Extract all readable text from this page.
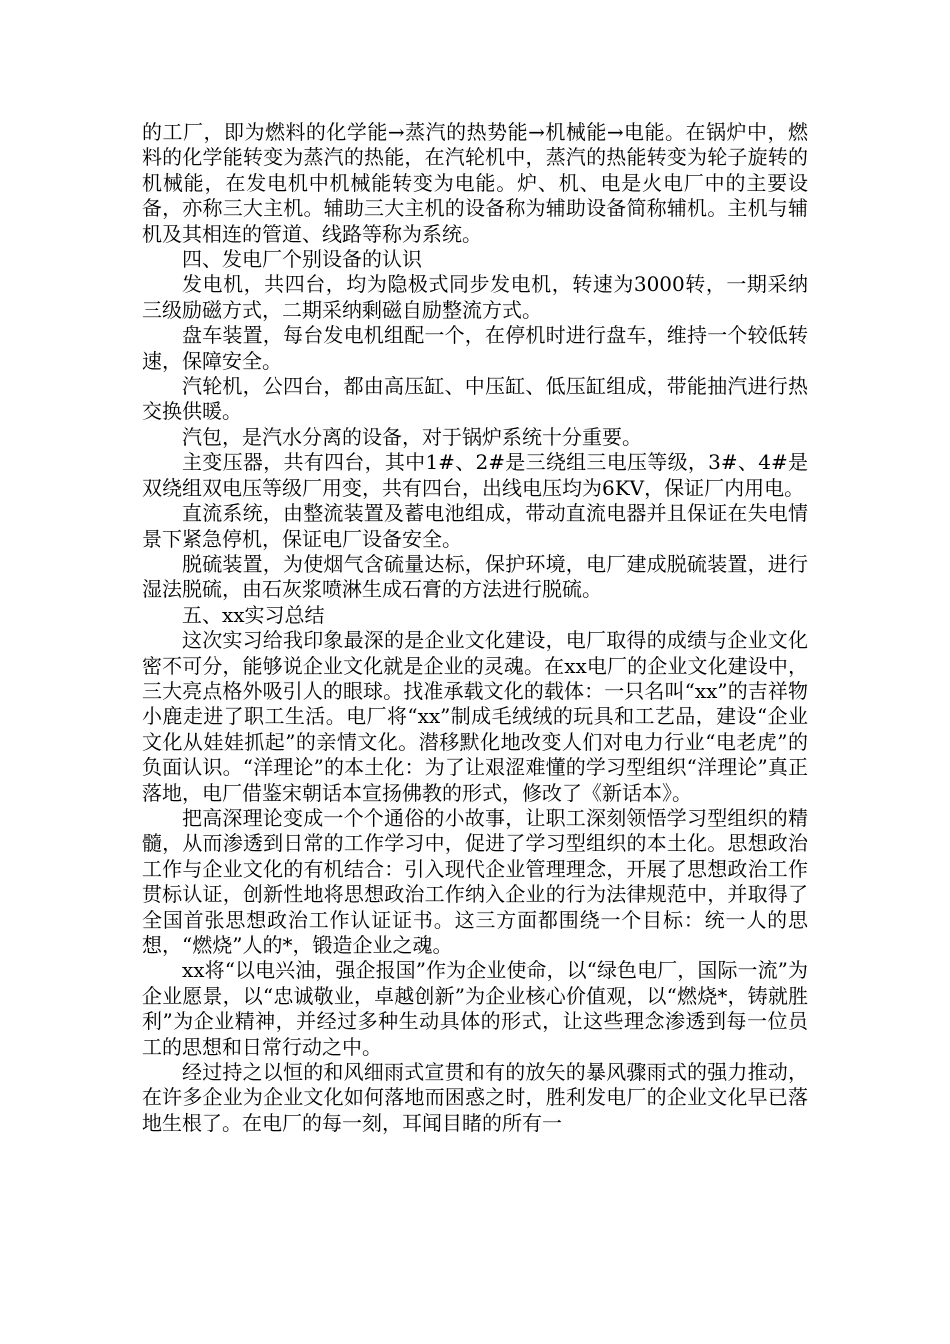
的工厂，即为燃料的化学能→蒸汽的热势能→机械能→电能。在锅炉中，燃料的化学能转变为蒸汽的热能，在汽轮机中，蒸汽的热能转变为轮子旋转的机械能，在发电机中机械能转变为电能。炉、机、电是火电厂中的主要设备，亦称三大主机。辅助三大主机的设备称为辅助设备简称辅机。主机与辅机及其相连的管道、线路等称为系统。

四、发电厂个别设备的认识

发电机，共四台，均为隐极式同步发电机，转速为3000转，一期采纳三级励磁方式，二期采纳剩磁自励整流方式。

盘车装置，每台发电机组配一个，在停机时进行盘车，维持一个较低转速，保障安全。

汽轮机，公四台，都由高压缸、中压缸、低压缸组成，带能抽汽进行热交换供暖。

汽包，是汽水分离的设备，对于锅炉系统十分重要。

主变压器，共有四台，其中1#、2#是三绕组三电压等级，3#、4#是双绕组双电压等级厂用变，共有四台，出线电压均为6KV，保证厂内用电。

直流系统，由整流装置及蓄电池组成，带动直流电器并且保证在失电情景下紧急停机，保证电厂设备安全。

脱硫装置，为使烟气含硫量达标，保护环境，电厂建成脱硫装置，进行湿法脱硫，由石灰浆喷淋生成石膏的方法进行脱硫。

五、xx实习总结

这次实习给我印象最深的是企业文化建设，电厂取得的成绩与企业文化密不可分，能够说企业文化就是企业的灵魂。在xx电厂的企业文化建设中，三大亮点格外吸引人的眼球。找准承载文化的载体：一只名叫“xx”的吉祥物小鹿走进了职工生活。电厂将“xx”制成毛绒绒的玩具和工艺品，建设“企业文化从娃娃抓起”的亲情文化。潜移默化地改变人们对电力行业“电老虎”的负面认识。“洋理论”的本土化：为了让艰涩难懂的学习型组织“洋理论”真正落地，电厂借鉴宋朝话本宣扬佛教的形式，修改了《新话本》。

把高深理论变成一个个通俗的小故事，让职工深刻领悟学习型组织的精髓，从而渗透到日常的工作学习中，促进了学习型组织的本土化。思想政治工作与企业文化的有机结合：引入现代企业管理理念，开展了思想政治工作贯标认证，创新性地将思想政治工作纳入企业的行为法律规范中，并取得了全国首张思想政治工作认证证书。这三方面都围绕一个目标：统一人的思想，“燃烧”人的*，锻造企业之魂。

xx将“以电兴油，强企报国”作为企业使命，以“绿色电厂，国际一流”为企业愿景，以“忠诚敬业，卓越创新”为企业核心价值观，以“燃烧*，铸就胜利”为企业精神，并经过多种生动具体的形式，让这些理念渗透到每一位员工的思想和日常行动之中。

经过持之以恒的和风细雨式宣贯和有的放矢的暴风骤雨式的强力推动，在许多企业为企业文化如何落地而困惑之时，胜利发电厂的企业文化早已落地生根了。在电厂的每一刻，耳闻目睹的所有一
